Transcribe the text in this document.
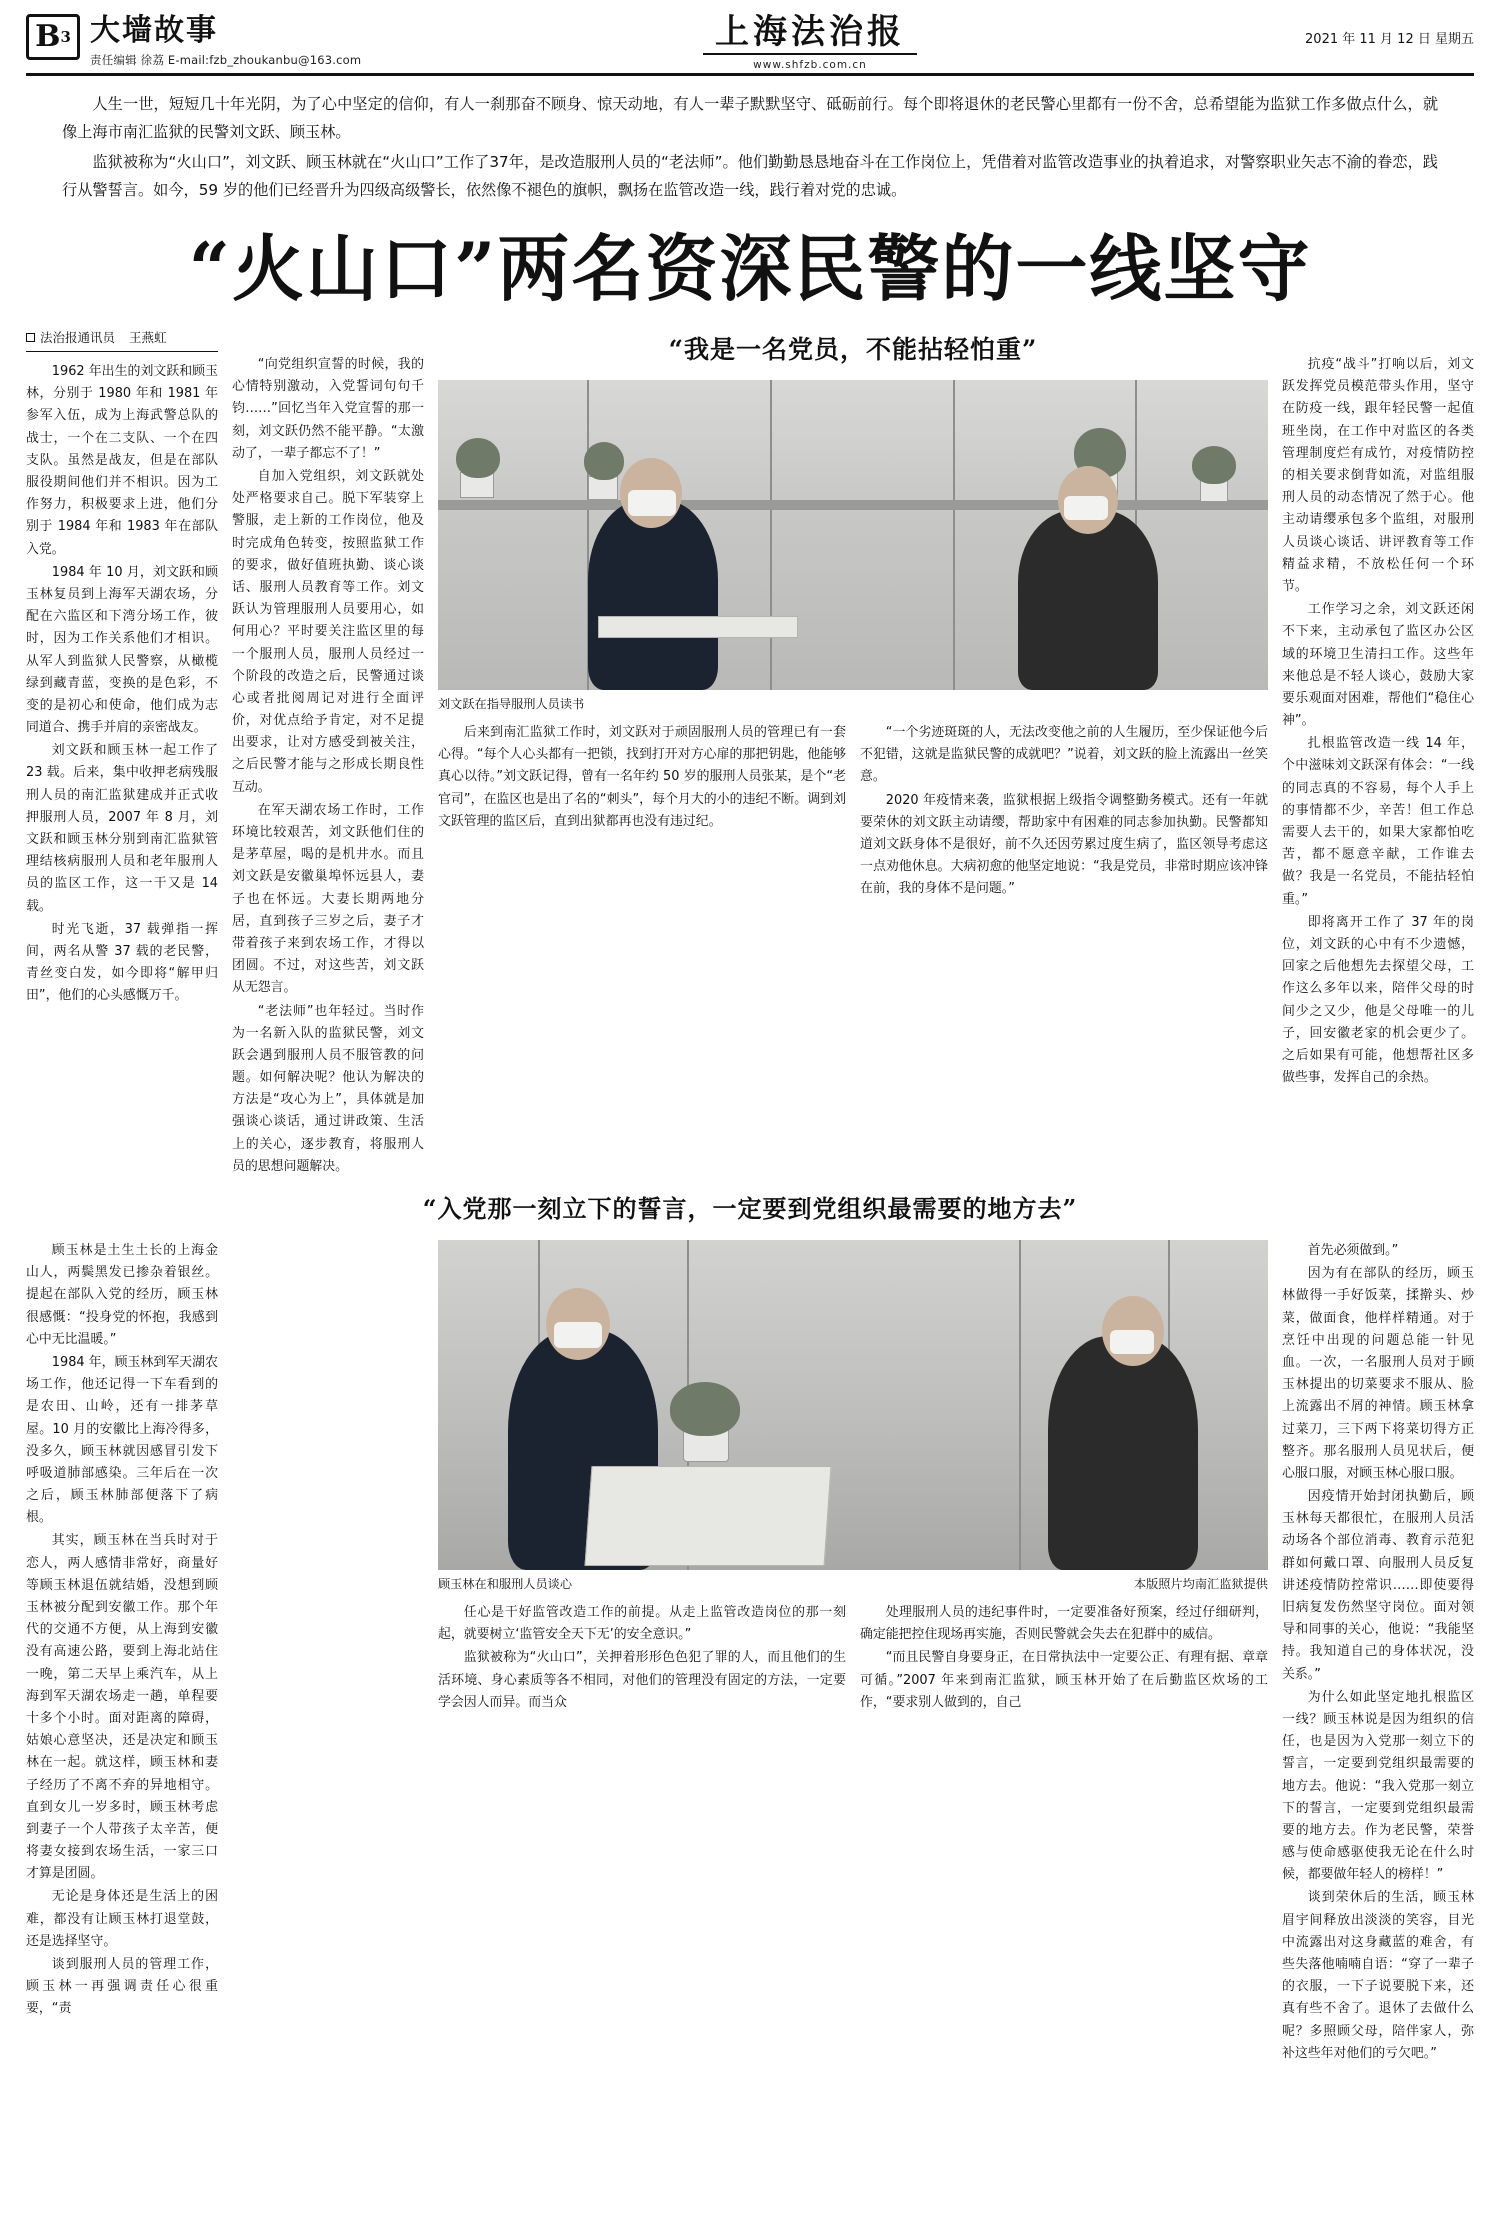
B 3 大墙故事
责任编辑 徐荔 E-mail:fzb_zhoukanbu@163.com
上海法治报
www.shfzb.com.cn
2021 年 11 月 12 日 星期五

人生一世，短短几十年光阴，为了心中坚定的信仰，有人一刹那奋不顾身、惊天动地，有人一辈子默默坚守、砥砺前行。每个即将退休的老民警心里都有一份不舍，总希望能为监狱工作多做点什么，就像上海市南汇监狱的民警刘文跃、顾玉林。

监狱被称为“火山口”，刘文跃、顾玉林就在“火山口”工作了37年，是改造服刑人员的“老法师”。他们勤勤恳恳地奋斗在工作岗位上，凭借着对监管改造事业的执着追求，对警察职业矢志不渝的眷恋，践行从警誓言。如今，59 岁的他们已经晋升为四级高级警长，依然像不褪色的旗帜，飘扬在监管改造一线，践行着对党的忠诚。

“火山口”两名资深民警的一线坚守
法治报通讯员 王燕虹

1962 年出生的刘文跃和顾玉林，分别于 1980 年和 1981 年参军入伍，成为上海武警总队的战士，一个在二支队、一个在四支队。虽然是战友，但是在部队服役期间他们并不相识。因为工作努力，积极要求上进，他们分别于 1984 年和 1983 年在部队入党。

1984 年 10 月，刘文跃和顾玉林复员到上海军天湖农场，分配在六监区和下湾分场工作，彼时，因为工作关系他们才相识。从军人到监狱人民警察，从橄榄绿到藏青蓝，变换的是色彩，不变的是初心和使命，他们成为志同道合、携手并肩的亲密战友。

刘文跃和顾玉林一起工作了 23 载。后来，集中收押老病残服刑人员的南汇监狱建成并正式收押服刑人员，2007 年 8 月，刘文跃和顾玉林分别到南汇监狱管理结核病服刑人员和老年服刑人员的监区工作，这一干又是 14 载。

时光飞逝，37 载弹指一挥间，两名从警 37 载的老民警，青丝变白发，如今即将“解甲归田”，他们的心头感慨万千。

“向党组织宣誓的时候，我的心情特别激动，入党誓词句句千钧……”回忆当年入党宣誓的那一刻，刘文跃仍然不能平静。“太激动了，一辈子都忘不了！”

自加入党组织，刘文跃就处处严格要求自己。脱下军装穿上警服，走上新的工作岗位，他及时完成角色转变，按照监狱工作的要求，做好值班执勤、谈心谈话、服刑人员教育等工作。刘文跃认为管理服刑人员要用心，如何用心？平时要关注监区里的每一个服刑人员，服刑人员经过一个阶段的改造之后，民警通过谈心或者批阅周记对进行全面评价，对优点给予肯定，对不足提出要求，让对方感受到被关注，之后民警才能与之形成长期良性互动。

在军天湖农场工作时，工作环境比较艰苦，刘文跃他们住的是茅草屋，喝的是机井水。而且刘文跃是安徽巢埠怀远县人，妻子也在怀远。大妻长期两地分居，直到孩子三岁之后，妻子才带着孩子来到农场工作，才得以团圆。不过，对这些苦，刘文跃从无怨言。

“老法师”也年轻过。当时作为一名新入队的监狱民警，刘文跃会遇到服刑人员不服管教的问题。如何解决呢？他认为解决的方法是“攻心为上”，具体就是加强谈心谈话，通过讲政策、生活上的关心，逐步教育，将服刑人员的思想问题解决。

“我是一名党员，不能拈轻怕重”
刘文跃在指导服刑人员读书

后来到南汇监狱工作时，刘文跃对于顽固服刑人员的管理已有一套心得。“每个人心头都有一把锁，找到打开对方心扉的那把钥匙，他能够真心以待。”刘文跃记得，曾有一名年约 50 岁的服刑人员张某，是个“老官司”，在监区也是出了名的“刺头”，每个月大的小的违纪不断。调到刘文跃管理的监区后，直到出狱都再也没有违过纪。

“一个劣迹斑斑的人，无法改变他之前的人生履历，至少保证他今后不犯错，这就是监狱民警的成就吧？”说着，刘文跃的脸上流露出一丝笑意。

2020 年疫情来袭，监狱根据上级指令调整勤务模式。还有一年就要荣休的刘文跃主动请缨，帮助家中有困难的同志参加执勤。民警都知道刘文跃身体不是很好，前不久还因劳累过度生病了，监区领导考虑这一点劝他休息。大病初愈的他坚定地说：“我是党员，非常时期应该冲锋在前，我的身体不是问题。”

抗疫“战斗”打响以后，刘文跃发挥党员模范带头作用，坚守在防疫一线，跟年轻民警一起值班坐岗，在工作中对监区的各类管理制度烂有成竹，对疫情防控的相关要求倒背如流，对监组服刑人员的动态情况了然于心。他主动请缨承包多个监组，对服刑人员谈心谈话、讲评教育等工作精益求精，不放松任何一个环节。

工作学习之余，刘文跃还闲不下来，主动承包了监区办公区域的环境卫生清扫工作。这些年来他总是不轻人谈心，鼓励大家要乐观面对困难，帮他们“稳住心神”。

扎根监管改造一线 14 年，个中滋味刘文跃深有体会：“一线的同志真的不容易，每个人手上的事情都不少，辛苦！但工作总需要人去干的，如果大家都怕吃苦，都不愿意辛献，工作谁去做？我是一名党员，不能拈轻怕重。”

即将离开工作了 37 年的岗位，刘文跃的心中有不少遗憾，回家之后他想先去探望父母，工作这么多年以来，陪伴父母的时间少之又少，他是父母唯一的儿子，回安徽老家的机会更少了。之后如果有可能，他想帮社区多做些事，发挥自己的余热。

“入党那一刻立下的誓言，一定要到党组织最需要的地方去”

顾玉林是土生土长的上海金山人，两鬓黑发已掺杂着银丝。提起在部队入党的经历，顾玉林很感慨：“投身党的怀抱，我感到心中无比温暖。”

1984 年，顾玉林到军天湖农场工作，他还记得一下车看到的是农田、山岭，还有一排茅草屋。10 月的安徽比上海冷得多，没多久，顾玉林就因感冒引发下呼吸道肺部感染。三年后在一次之后，顾玉林肺部便落下了病根。

其实，顾玉林在当兵时对于恋人，两人感情非常好，商量好等顾玉林退伍就结婚，没想到顾玉林被分配到安徽工作。那个年代的交通不方便，从上海到安徽没有高速公路，要到上海北站住一晚，第二天早上乘汽车，从上海到军天湖农场走一趟，单程要十多个小时。面对距离的障碍，姑娘心意坚决，还是决定和顾玉林在一起。就这样，顾玉林和妻子经历了不离不弃的异地相守。直到女儿一岁多时，顾玉林考虑到妻子一个人带孩子太辛苦，便将妻女接到农场生活，一家三口才算是团圆。

无论是身体还是生活上的困难，都没有让顾玉林打退堂鼓，还是选择坚守。

谈到服刑人员的管理工作，顾玉林一再强调责任心很重要，“责

顾玉林在和服刑人员谈心	本版照片均南汇监狱提供

任心是干好监管改造工作的前提。从走上监管改造岗位的那一刻起，就要树立‘监管安全天下无’的安全意识。”

监狱被称为“火山口”，关押着形形色色犯了罪的人，而且他们的生活环境、身心素质等各不相同，对他们的管理没有固定的方法，一定要学会因人而异。而当众

处理服刑人员的违纪事件时，一定要准备好预案，经过仔细研判，确定能把控住现场再实施，否则民警就会失去在犯群中的威信。

“而且民警自身要身正，在日常执法中一定要公正、有理有据、章章可循。”2007 年来到南汇监狱，顾玉林开始了在后勤监区炊场的工作，“要求别人做到的，自己

首先必须做到。”

因为有在部队的经历，顾玉林做得一手好饭菜，揉擀头、炒菜，做面食，他样样精通。对于烹饪中出现的问题总能一针见血。一次，一名服刑人员对于顾玉林提出的切菜要求不服从、脸上流露出不屑的神情。顾玉林拿过菜刀，三下两下将菜切得方正整齐。那名服刑人员见状后，便心服口服，对顾玉林心服口服。

因疫情开始封闭执勤后，顾玉林每天都很忙，在服刑人员活动场各个部位消毒、教育示范犯群如何戴口罩、向服刑人员反复讲述疫情防控常识……即使要得旧病复发伤然坚守岗位。面对领导和同事的关心，他说：“我能坚持。我知道自己的身体状况，没关系。”

为什么如此坚定地扎根监区一线？顾玉林说是因为组织的信任，也是因为入党那一刻立下的誓言，一定要到党组织最需要的地方去。他说：“我入党那一刻立下的誓言，一定要到党组织最需要的地方去。作为老民警，荣誉感与使命感驱使我无论在什么时候，都要做年轻人的榜样！”

谈到荣休后的生活，顾玉林眉宇间释放出淡淡的笑容，目光中流露出对这身藏蓝的难舍，有些失落他喃喃自语：“穿了一辈子的衣服，一下子说要脱下来，还真有些不舍了。退休了去做什么呢？多照顾父母，陪伴家人，弥补这些年对他们的亏欠吧。”
